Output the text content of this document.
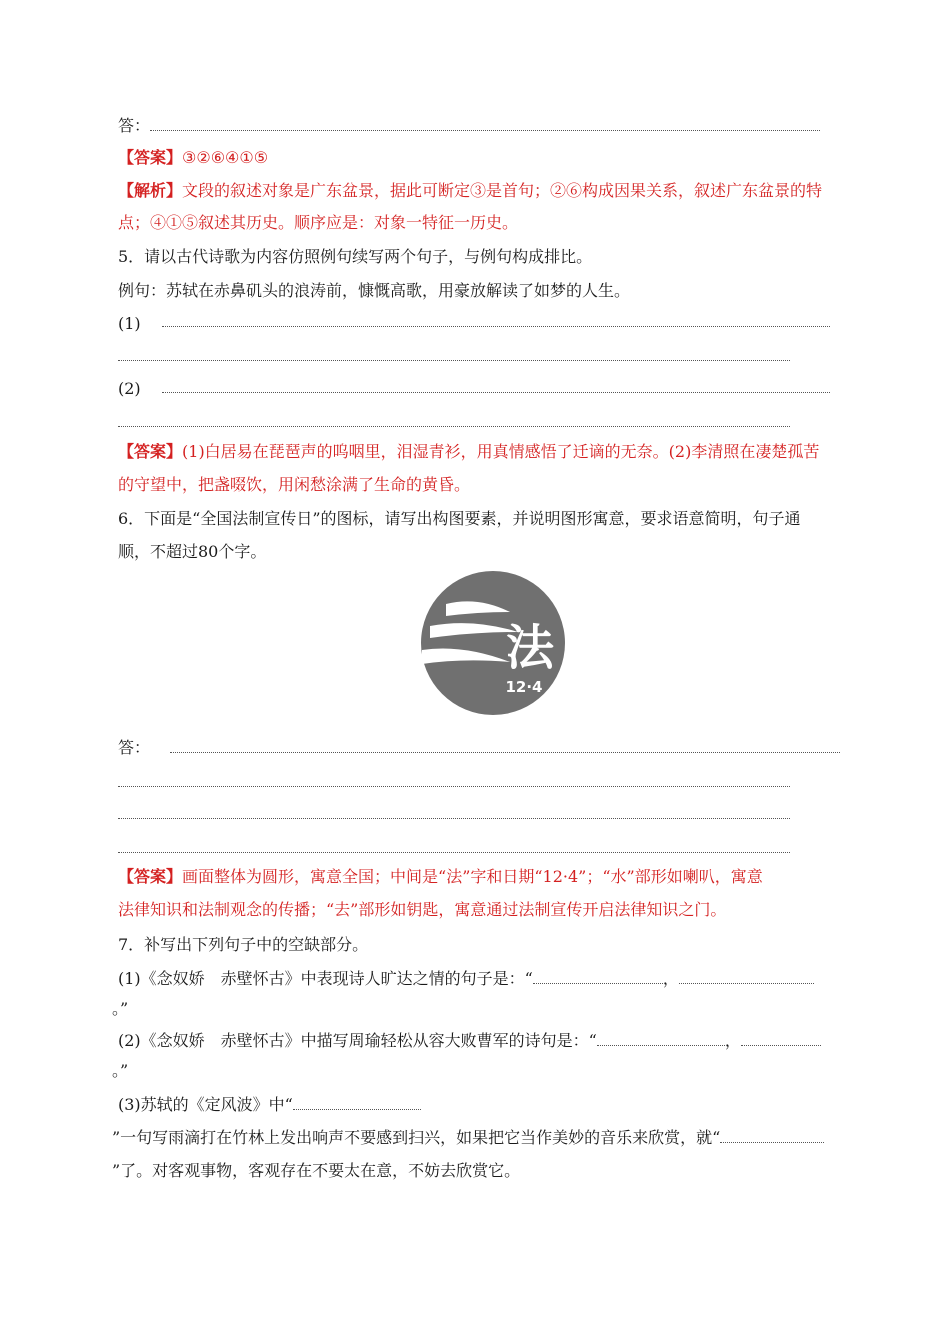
答：
【答案】③②⑥④①⑤
【解析】文段的叙述对象是广东盆景，据此可断定③是首句；②⑥构成因果关系，叙述广东盆景的特
点；④①⑤叙述其历史。顺序应是：对象一特征一历史。
5．请以古代诗歌为内容仿照例句续写两个句子，与例句构成排比。
例句：苏轼在赤鼻矶头的浪涛前，慷慨高歌，用豪放解读了如梦的人生。
(1)
(2)
【答案】(1)白居易在琵琶声的呜咽里，泪湿青衫，用真情感悟了迁谪的无奈。(2)李清照在凄楚孤苦
的守望中，把盏啜饮，用闲愁涂满了生命的黄昏。
6．下面是“全国法制宣传日”的图标，请写出构图要素，并说明图形寓意，要求语意简明，句子通
顺，不超过80个字。
法
12·4
答：
【答案】画面整体为圆形，寓意全国；中间是“法”字和日期“12·4”；“水”部形如喇叭，寓意
法律知识和法制观念的传播；“去”部形如钥匙，寓意通过法制宣传开启法律知识之门。
7．补写出下列句子中的空缺部分。
(1)《念奴娇　赤壁怀古》中表现诗人旷达之情的句子是：“	，
。”
(2)《念奴娇　赤壁怀古》中描写周瑜轻松从容大败曹军的诗句是：“	，
。”
(3)苏轼的《定风波》中“
”一句写雨滴打在竹林上发出响声不要感到扫兴，如果把它当作美妙的音乐来欣赏，就“
”了。对客观事物，客观存在不要太在意，不妨去欣赏它。
